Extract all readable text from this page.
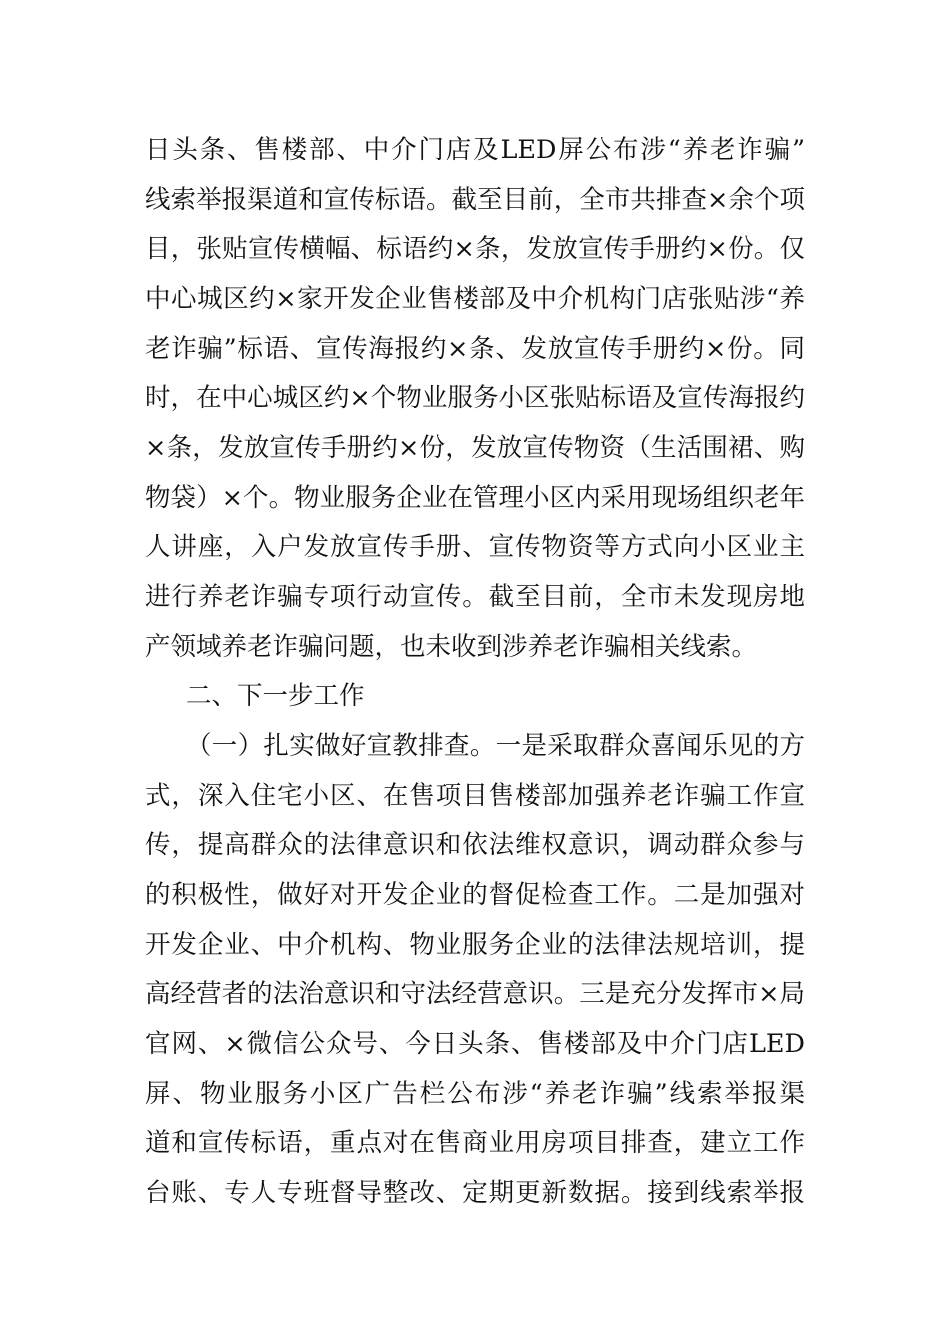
日头条、售楼部、中介门店及LED屏公布涉“养老诈骗”
线索举报渠道和宣传标语。截至目前，全市共排查×余个项
目，张贴宣传横幅、标语约×条，发放宣传手册约×份。仅
中心城区约×家开发企业售楼部及中介机构门店张贴涉“养
老诈骗”标语、宣传海报约×条、发放宣传手册约×份。同
时，在中心城区约×个物业服务小区张贴标语及宣传海报约
×条，发放宣传手册约×份，发放宣传物资（生活围裙、购
物袋）×个。物业服务企业在管理小区内采用现场组织老年
人讲座，入户发放宣传手册、宣传物资等方式向小区业主
进行养老诈骗专项行动宣传。截至目前，全市未发现房地
产领域养老诈骗问题，也未收到涉养老诈骗相关线索。
二、下一步工作
（一）扎实做好宣教排查。一是采取群众喜闻乐见的方
式，深入住宅小区、在售项目售楼部加强养老诈骗工作宣
传，提高群众的法律意识和依法维权意识，调动群众参与
的积极性，做好对开发企业的督促检查工作。二是加强对
开发企业、中介机构、物业服务企业的法律法规培训，提
高经营者的法治意识和守法经营意识。三是充分发挥市×局
官网、×微信公众号、今日头条、售楼部及中介门店LED
屏、物业服务小区广告栏公布涉“养老诈骗”线索举报渠
道和宣传标语，重点对在售商业用房项目排查，建立工作
台账、专人专班督导整改、定期更新数据。接到线索举报
